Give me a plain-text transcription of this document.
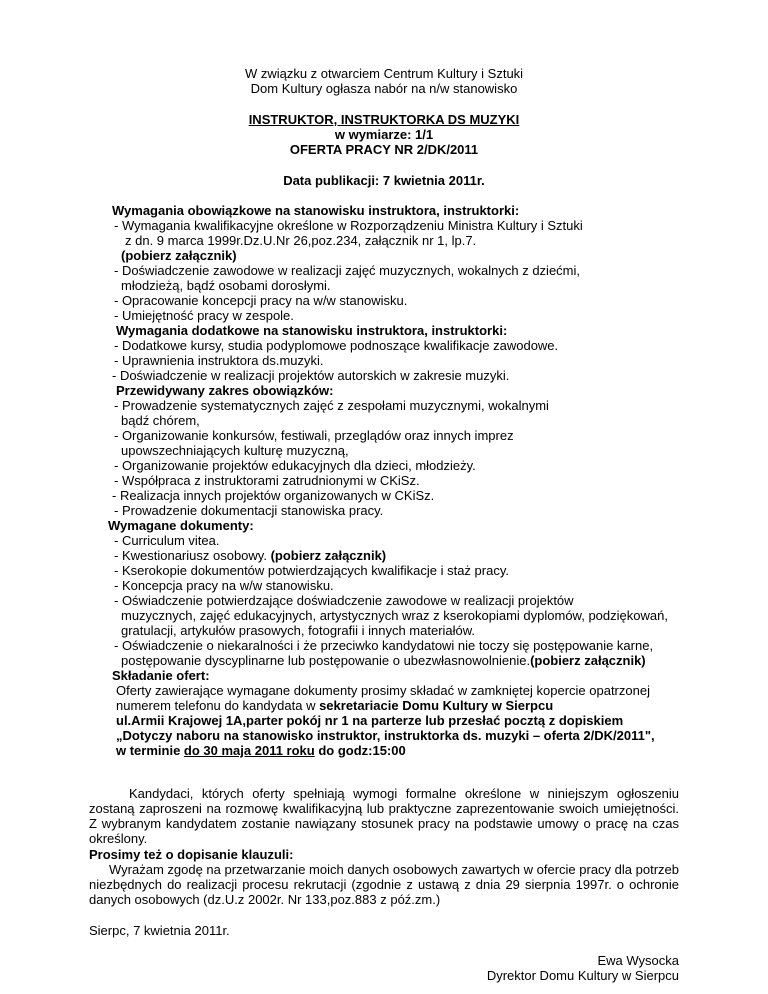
W związku z otwarciem Centrum Kultury i Sztuki
Dom Kultury ogłasza nabór na n/w stanowisko
INSTRUKTOR, INSTRUKTORKA DS MUZYKI
w wymiarze: 1/1
OFERTA PRACY NR 2/DK/2011
Data publikacji: 7 kwietnia 2011r.
Wymagania obowiązkowe na stanowisku instruktora, instruktorki:
- Wymagania kwalifikacyjne określone w Rozporządzeniu Ministra Kultury i Sztuki
z dn. 9 marca 1999r.Dz.U.Nr 26,poz.234, załącznik nr 1, lp.7.
(pobierz załącznik)
- Doświadczenie zawodowe w realizacji zajęć muzycznych, wokalnych z dziećmi,
młodzieżą, bądź osobami dorosłymi.
- Opracowanie koncepcji pracy na w/w stanowisku.
- Umiejętność pracy w zespole.
Wymagania dodatkowe na stanowisku instruktora, instruktorki:
- Dodatkowe kursy, studia podyplomowe podnoszące kwalifikacje zawodowe.
- Uprawnienia instruktora ds.muzyki.
- Doświadczenie w realizacji projektów autorskich w zakresie muzyki.
Przewidywany zakres obowiązków:
- Prowadzenie systematycznych zajęć z zespołami muzycznymi, wokalnymi
bądź chórem,
- Organizowanie konkursów, festiwali, przeglądów oraz innych imprez
upowszechniających kulturę muzyczną,
- Organizowanie projektów edukacyjnych dla dzieci, młodzieży.
- Współpraca z instruktorami zatrudnionymi w CKiSz.
- Realizacja innych projektów organizowanych w CKiSz.
- Prowadzenie dokumentacji stanowiska pracy.
Wymagane dokumenty:
- Curriculum vitea.
- Kwestionariusz osobowy. (pobierz załącznik)
- Kserokopie dokumentów potwierdzających kwalifikacje i staż pracy.
- Koncepcja pracy na w/w stanowisku.
- Oświadczenie potwierdzające doświadczenie zawodowe w realizacji projektów
muzycznych, zajęć edukacyjnych, artystycznych wraz z kserokopiami dyplomów, podziękowań,
gratulacji, artykułów prasowych, fotografii i innych materiałów.
- Oświadczenie o niekaralności i że przeciwko kandydatowi nie toczy się postępowanie karne,
postępowanie dyscyplinarne lub postępowanie o ubezwłasnowolnienie.(pobierz załącznik)
Składanie ofert:
Oferty zawierające wymagane dokumenty prosimy składać w zamkniętej kopercie opatrzonej
numerem telefonu do kandydata w sekretariacie Domu Kultury w Sierpcu
ul.Armii Krajowej 1A,parter pokój nr 1 na parterze lub przesłać pocztą z dopiskiem
„Dotyczy naboru na stanowisko instruktor, instruktorka ds. muzyki – oferta 2/DK/2011",
w terminie do 30 maja 2011 roku do godz:15:00
Kandydaci, których oferty spełniają wymogi formalne określone w niniejszym ogłoszeniu zostaną zaproszeni na rozmowę kwalifikacyjną lub praktyczne zaprezentowanie swoich umiejętności. Z wybranym kandydatem zostanie nawiązany stosunek pracy na podstawie umowy o pracę na czas określony.
Prosimy też o dopisanie klauzuli:
Wyrażam zgodę na przetwarzanie moich danych osobowych zawartych w ofercie pracy dla potrzeb niezbędnych do realizacji procesu rekrutacji (zgodnie z ustawą z dnia 29 sierpnia 1997r. o ochronie danych osobowych (dz.U.z 2002r. Nr 133,poz.883 z póź.zm.)
Sierpc, 7 kwietnia 2011r.
Ewa Wysocka
Dyrektor Domu Kultury w Sierpcu
